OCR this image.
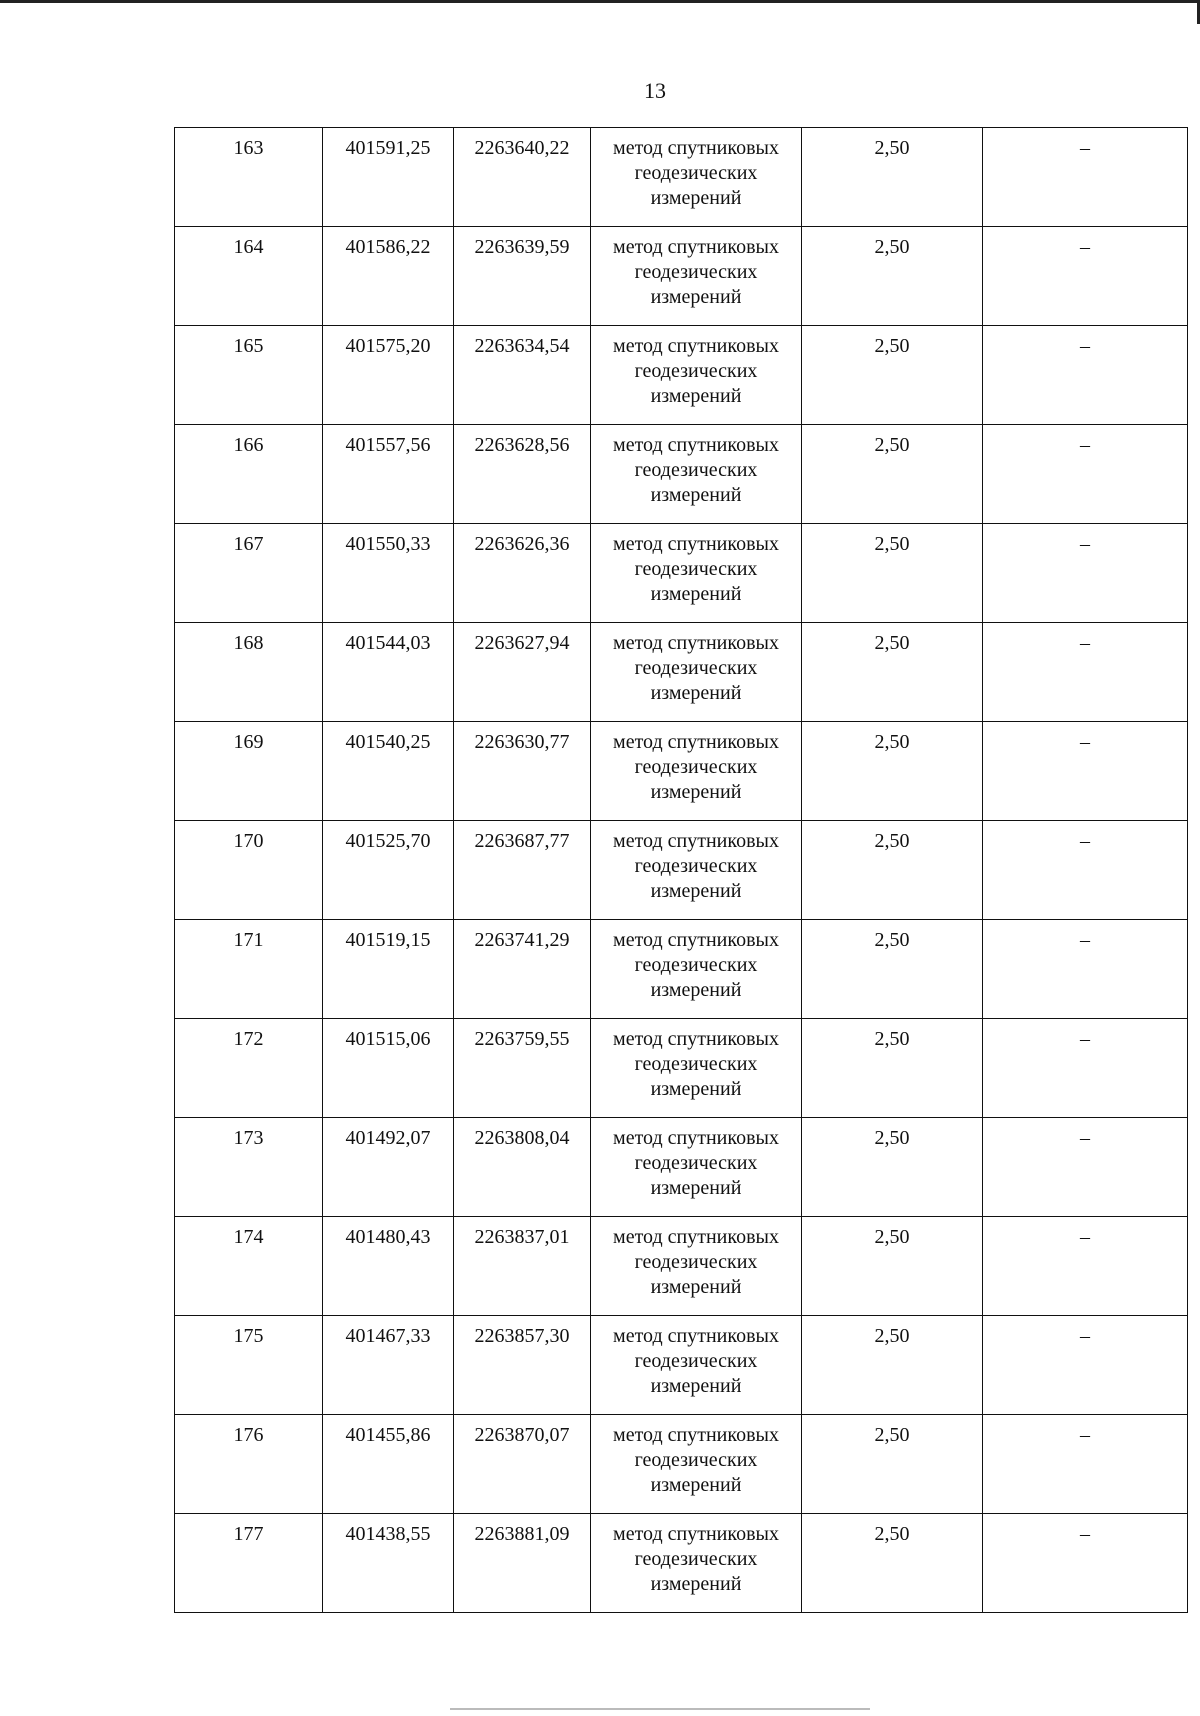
13
163	401591,25	2263640,22	метод спутниковых
геодезических
измерений	2,50	–
164	401586,22	2263639,59	метод спутниковых
геодезических
измерений	2,50	–
165	401575,20	2263634,54	метод спутниковых
геодезических
измерений	2,50	–
166	401557,56	2263628,56	метод спутниковых
геодезических
измерений	2,50	–
167	401550,33	2263626,36	метод спутниковых
геодезических
измерений	2,50	–
168	401544,03	2263627,94	метод спутниковых
геодезических
измерений	2,50	–
169	401540,25	2263630,77	метод спутниковых
геодезических
измерений	2,50	–
170	401525,70	2263687,77	метод спутниковых
геодезических
измерений	2,50	–
171	401519,15	2263741,29	метод спутниковых
геодезических
измерений	2,50	–
172	401515,06	2263759,55	метод спутниковых
геодезических
измерений	2,50	–
173	401492,07	2263808,04	метод спутниковых
геодезических
измерений	2,50	–
174	401480,43	2263837,01	метод спутниковых
геодезических
измерений	2,50	–
175	401467,33	2263857,30	метод спутниковых
геодезических
измерений	2,50	–
176	401455,86	2263870,07	метод спутниковых
геодезических
измерений	2,50	–
177	401438,55	2263881,09	метод спутниковых
геодезических
измерений	2,50	–
